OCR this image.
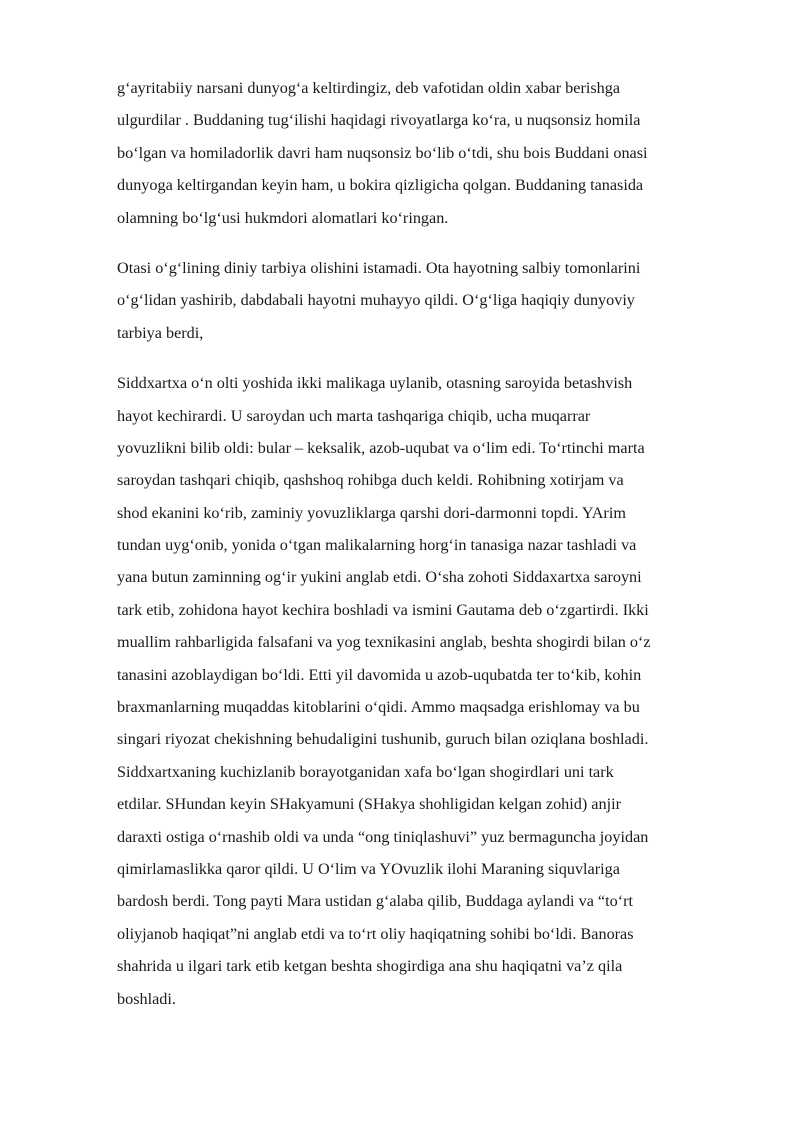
g‘ayritabiiy narsani dunyog‘a keltirdingiz, deb vafotidan oldin xabar berishga
ulgurdilar . Buddaning tug‘ilishi haqidagi rivoyatlarga ko‘ra, u nuqsonsiz homila
bo‘lgan va homiladorlik davri ham nuqsonsiz bo‘lib o‘tdi, shu bois Buddani onasi
dunyoga keltirgandan keyin ham, u bokira qizligicha qolgan. Buddaning tanasida
olamning bo‘lg‘usi hukmdori alomatlari ko‘ringan.
Otasi o‘g‘lining diniy tarbiya olishini istamadi. Ota hayotning salbiy tomonlarini
o‘g‘lidan yashirib, dabdabali hayotni muhayyo qildi. O‘g‘liga haqiqiy dunyoviy
tarbiya berdi,
Siddxartxa o‘n olti yoshida ikki malikaga uylanib, otasning saroyida betashvish
hayot kechirardi. U saroydan uch marta tashqariga chiqib, ucha muqarrar
yovuzlikni bilib oldi: bular – keksalik, azob-uqubat va o‘lim edi. To‘rtinchi marta
saroydan tashqari chiqib, qashshoq rohibga duch keldi. Rohibning xotirjam va
shod ekanini ko‘rib, zaminiy yovuzliklarga qarshi dori-darmonni topdi. YArim
tundan uyg‘onib, yonida o‘tgan malikalarning horg‘in tanasiga nazar tashladi va
yana butun zaminning og‘ir yukini anglab etdi. O‘sha zohoti Siddaxartxa saroyni
tark etib, zohidona hayot kechira boshladi va ismini Gautama deb o‘zgartirdi. Ikki
muallim rahbarligida falsafani va yog texnikasini anglab, beshta shogirdi bilan o‘z
tanasini azoblaydigan bo‘ldi. Etti yil davomida u azob-uqubatda ter to‘kib, kohin
braxmanlarning muqaddas kitoblarini o‘qidi. Ammo maqsadga erishlomay va bu
singari riyozat chekishning behudaligini tushunib, guruch bilan oziqlana boshladi.
Siddxartxaning kuchizlanib borayotganidan xafa bo‘lgan shogirdlari uni tark
etdilar. SHundan keyin SHakyamuni (SHakya shohligidan kelgan zohid) anjir
daraxti ostiga o‘rnashib oldi va unda “ong tiniqlashuvi” yuz bermaguncha joyidan
qimirlamaslikka qaror qildi. U O‘lim va YOvuzlik ilohi Maraning siquvlariga
bardosh berdi. Tong payti Mara ustidan g‘alaba qilib, Buddaga aylandi va “to‘rt
oliyjanob haqiqat”ni anglab etdi va to‘rt oliy haqiqatning sohibi bo‘ldi. Banoras
shahrida u ilgari tark etib ketgan beshta shogirdiga ana shu haqiqatni va’z qila
boshladi.
